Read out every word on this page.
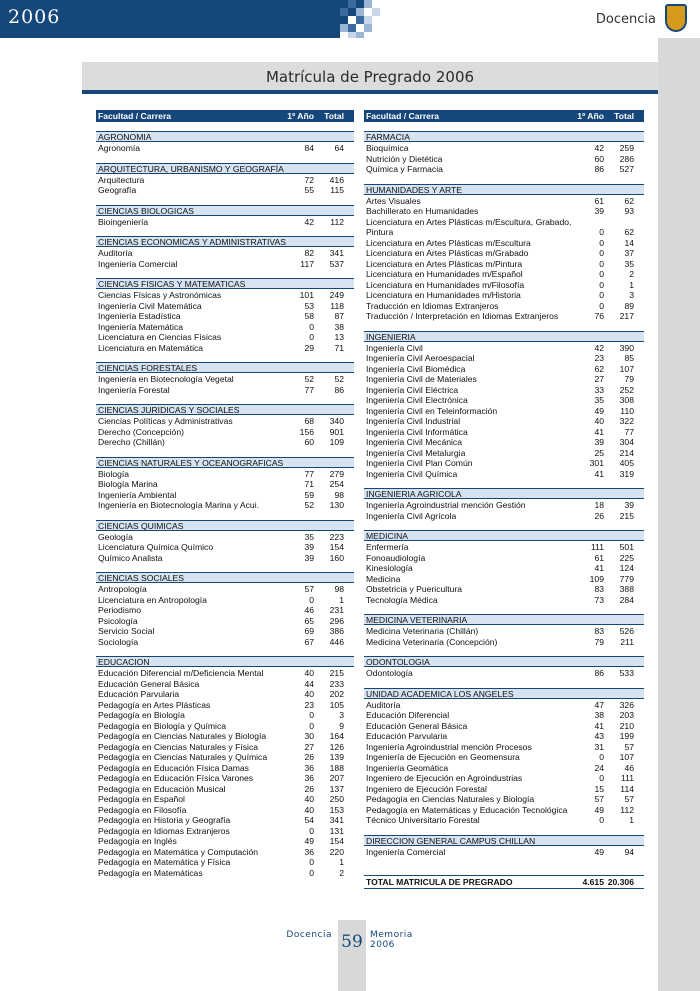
2006	Docencia
Matrícula de Pregrado 2006
Facultad / Carrera	1º Año	Total
AGRONOMIA
Agronomía	84	64
ARQUITECTURA, URBANISMO Y GEOGRAFÍA
Arquitectura	72	416
Geografía	55	115
CIENCIAS BIOLOGICAS
Bioingeniería	42	112
CIENCIAS ECONOMICAS Y ADMINISTRATIVAS
Auditoría	82	341
Ingeniería Comercial	117	537
CIENCIAS FISICAS Y MATEMATICAS
Ciencias Físicas y Astronómicas	101	249
Ingeniería Civil Matemática	53	118
Ingeniería Estadística	58	87
Ingeniería Matemática	0	38
Licenciatura en Ciencias Físicas	0	13
Licenciatura en Matemática	29	71
CIENCIAS FORESTALES
Ingeniería en Biotecnología Vegetal	52	52
Ingeniería Forestal	77	86
CIENCIAS JURIDICAS Y SOCIALES
Ciencias Políticas y Administrativas	68	340
Derecho (Concepción)	156	901
Derecho (Chillán)	60	109
CIENCIAS NATURALES Y OCEANOGRAFICAS
Biología	77	279
Biología Marina	71	254
Ingeniería Ambiental	59	98
Ingeniería en Biotecnología Marina y Acui.	52	130
CIENCIAS QUIMICAS
Geología	35	223
Licenciatura Química Químico	39	154
Químico Analista	39	160
CIENCIAS SOCIALES
Antropología	57	98
Licenciatura en Antropología	0	1
Periodismo	46	231
Psicología	65	296
Servicio Social	69	386
Sociología	67	446
EDUCACION
Educación Diferencial m/Deficiencia Mental	40	215
Educación General Básica	44	233
Educación Parvularia	40	202
Pedagogía en Artes Plásticas	23	105
Pedagogía en Biología	0	3
Pedagogía en Biología y Química	0	9
Pedagogía en Ciencias Naturales y Biología	30	164
Pedagogía en Ciencias Naturales y Física	27	126
Pedagogía en Ciencias Naturales y Química	26	139
Pedagogía en Educación Física Damas	36	188
Pedagogía en Educación Física Varones	36	207
Pedagogía en Educación Musical	26	137
Pedagogía en Español	40	250
Pedagogía en Filosofía	40	153
Pedagogía en Historia y Geografía	54	341
Pedagogía en Idiomas Extranjeros	0	131
Pedagogía en Inglés	49	154
Pedagogía en Matemática y Computación	36	220
Pedagogía en Matemática y Física	0	1
Pedagogía en Matemáticas	0	2
Facultad / Carrera	1º Año	Total
FARMACIA
Bioquímica	42	259
Nutrición y Dietética	60	286
Química y Farmacia	86	527
HUMANIDADES Y ARTE
Artes Visuales	61	62
Bachillerato en Humanidades	39	93
Licenciatura en Artes Plásticas m/Escultura, Grabado, Pintura	0	62
Licenciatura en Artes Plásticas m/Escultura	0	14
Licenciatura en Artes Plásticas m/Grabado	0	37
Licenciatura en Artes Plásticas m/Pintura	0	35
Licenciatura en Humanidades m/Español	0	2
Licenciatura en Humanidades m/Filosofía	0	1
Licenciatura en Humanidades m/Historia	0	3
Traducción en Idiomas Extranjeros	0	89
Traducción / Interpretación en Idiomas Extranjeros	76	217
INGENIERIA
Ingeniería Civil	42	390
Ingeniería Civil Aeroespacial	23	85
Ingeniería Civil Biomédica	62	107
Ingeniería Civil de Materiales	27	79
Ingeniería Civil Eléctrica	33	252
Ingeniería Civil Electrónica	35	308
Ingeniería Civil en Teleinformación	49	110
Ingeniería Civil Industrial	40	322
Ingeniería Civil Informática	41	77
Ingeniería Civil Mecánica	39	304
Ingeniería Civil Metalurgia	25	214
Ingeniería Civil Plan Común	301	405
Ingeniería Civil Química	41	319
INGENIERIA AGRICOLA
Ingeniería Agroindustrial mención Gestión	18	39
Ingeniería Civil Agrícola	26	215
MEDICINA
Enfermería	111	501
Fonoaudiología	61	225
Kinesiología	41	124
Medicina	109	779
Obstetricia y Puericultura	83	388
Tecnología Médica	73	284
MEDICINA VETERINARIA
Medicina Veterinaria (Chillán)	83	526
Medicina Veterinaria (Concepción)	79	211
ODONTOLOGIA
Odontología	86	533
UNIDAD ACADEMICA LOS ANGELES
Auditoría	47	326
Educación Diferencial	38	203
Educación General Básica	41	210
Educación Parvularia	43	199
Ingeniería Agroindustrial mención Procesos	31	57
Ingeniería de Ejecución en Geomensura	0	107
Ingeniería Geomática	24	46
Ingeniero de Ejecución en Agroindustrias	0	111
Ingeniero de Ejecución Forestal	15	114
Pedagogía en Ciencias Naturales y Biología	57	57
Pedagogía en Matemáticas y Educación Tecnológica	49	112
Técnico Universitario Forestal	0	1
DIRECCION GENERAL CAMPUS CHILLAN
Ingeniería Comercial	49	94
TOTAL MATRICULA DE PREGRADO	4.615 20.306
Docencia 59 Memoria
2006
